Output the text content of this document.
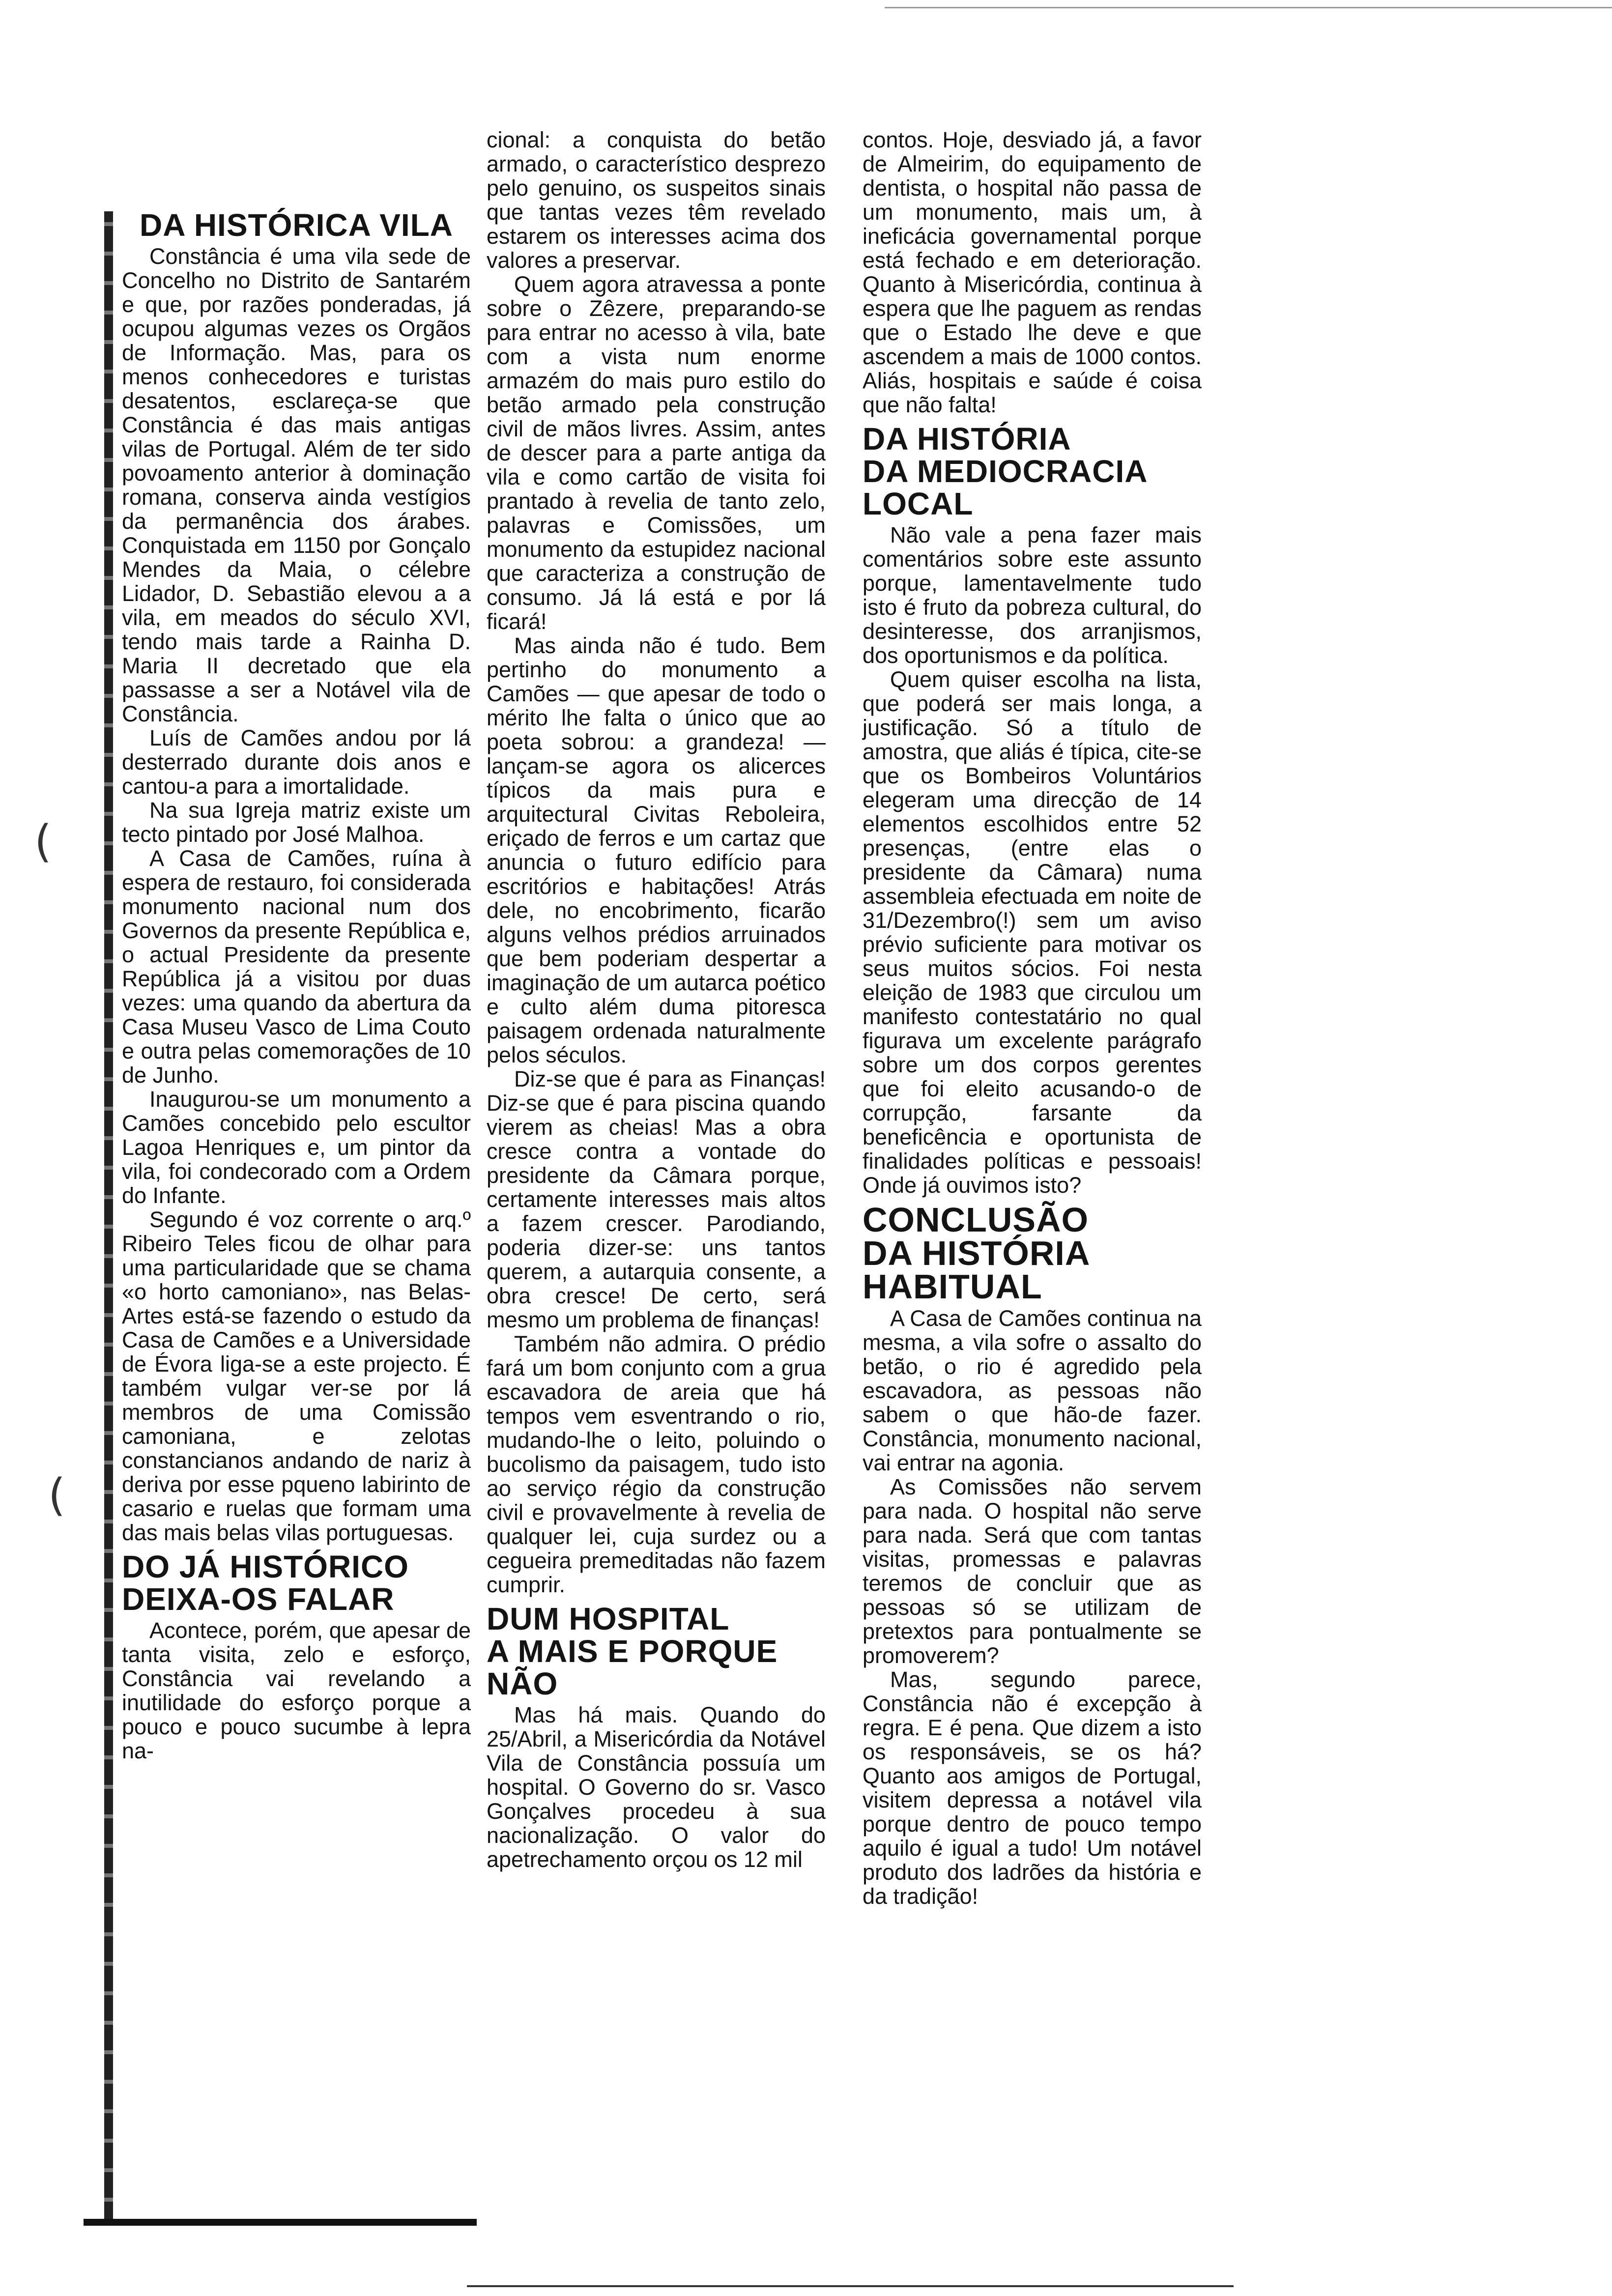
(
(
DA HISTÓRICA VILA

Constância é uma vila sede de Concelho no Distrito de Santarém e que, por razões ponderadas, já ocupou algumas vezes os Orgãos de Informação. Mas, para os menos conhecedores e turistas desatentos, esclareça-se que Constância é das mais antigas vilas de Portugal. Além de ter sido povoamento anterior à dominação romana, conserva ainda vestígios da permanência dos árabes. Conquistada em 1150 por Gonçalo Mendes da Maia, o célebre Lidador, D. Sebastião elevou a a vila, em meados do século XVI, tendo mais tarde a Rainha D. Maria II decretado que ela passasse a ser a Notável vila de Constância.

Luís de Camões andou por lá desterrado durante dois anos e cantou-a para a imortalidade.

Na sua Igreja matriz existe um tecto pintado por José Malhoa.

A Casa de Camões, ruína à espera de restauro, foi considerada monumento nacional num dos Governos da presente República e, o actual Presidente da presente República já a visitou por duas vezes: uma quando da abertura da Casa Museu Vasco de Lima Couto e outra pelas comemorações de 10 de Junho.

Inaugurou-se um monumento a Camões concebido pelo escultor Lagoa Henriques e, um pintor da vila, foi condecorado com a Ordem do Infante.

Segundo é voz corrente o arq.º Ribeiro Teles ficou de olhar para uma particularidade que se chama «o horto camoniano», nas Belas-Artes está-se fazendo o estudo da Casa de Camões e a Universidade de Évora liga-se a este projecto. É também vulgar ver-se por lá membros de uma Comissão camoniana, e zelotas constancianos andando de nariz à deriva por esse pqueno labirinto de casario e ruelas que formam uma das mais belas vilas portuguesas.

DO JÁ HISTÓRICO
DEIXA-OS FALAR

Acontece, porém, que apesar de tanta visita, zelo e esforço, Constância vai revelando a inutilidade do esforço porque a pouco e pouco sucumbe à lepra na-

cional: a conquista do betão armado, o característico desprezo pelo genuino, os suspeitos sinais que tantas vezes têm revelado estarem os interesses acima dos valores a preservar.

Quem agora atravessa a ponte sobre o Zêzere, preparando-se para entrar no acesso à vila, bate com a vista num enorme armazém do mais puro estilo do betão armado pela construção civil de mãos livres. Assim, antes de descer para a parte antiga da vila e como cartão de visita foi prantado à revelia de tanto zelo, palavras e Comissões, um monumento da estupidez nacional que caracteriza a construção de consumo. Já lá está e por lá ficará!

Mas ainda não é tudo. Bem pertinho do monumento a Camões — que apesar de todo o mérito lhe falta o único que ao poeta sobrou: a grandeza! — lançam-se agora os alicerces típicos da mais pura e arquitectural Civitas Reboleira, eriçado de ferros e um cartaz que anuncia o futuro edifício para escritórios e habitações! Atrás dele, no encobrimento, ficarão alguns velhos prédios arruinados que bem poderiam despertar a imaginação de um autarca poético e culto além duma pitoresca paisagem ordenada naturalmente pelos séculos.

Diz-se que é para as Finanças! Diz-se que é para piscina quando vierem as cheias! Mas a obra cresce contra a vontade do presidente da Câmara porque, certamente interesses mais altos a fazem crescer. Parodiando, poderia dizer-se: uns tantos querem, a autarquia consente, a obra cresce! De certo, será mesmo um problema de finanças!

Também não admira. O prédio fará um bom conjunto com a grua escavadora de areia que há tempos vem esventrando o rio, mudando-lhe o leito, poluindo o bucolismo da paisagem, tudo isto ao serviço régio da construção civil e provavelmente à revelia de qualquer lei, cuja surdez ou a cegueira premeditadas não fazem cumprir.

DUM HOSPITAL
A MAIS E PORQUE
NÃO

Mas há mais. Quando do 25/Abril, a Misericórdia da Notável Vila de Constância possuía um hospital. O Governo do sr. Vasco Gonçalves procedeu à sua nacionalização. O valor do apetrechamento orçou os 12 mil

contos. Hoje, desviado já, a favor de Almeirim, do equipamento de dentista, o hospital não passa de um monumento, mais um, à ineficácia governamental porque está fechado e em deterioração. Quanto à Misericórdia, continua à espera que lhe paguem as rendas que o Estado lhe deve e que ascendem a mais de 1000 contos. Aliás, hospitais e saúde é coisa que não falta!

DA HISTÓRIA
DA MEDIOCRACIA
LOCAL

Não vale a pena fazer mais comentários sobre este assunto porque, lamentavelmente tudo isto é fruto da pobreza cultural, do desinteresse, dos arranjismos, dos oportunismos e da política.

Quem quiser escolha na lista, que poderá ser mais longa, a justificação. Só a título de amostra, que aliás é típica, cite-se que os Bombeiros Voluntários elegeram uma direcção de 14 elementos escolhidos entre 52 presenças, (entre elas o presidente da Câmara) numa assembleia efectuada em noite de 31/Dezembro(!) sem um aviso prévio suficiente para motivar os seus muitos sócios. Foi nesta eleição de 1983 que circulou um manifesto contestatário no qual figurava um excelente parágrafo sobre um dos corpos gerentes que foi eleito acusando-o de corrupção, farsante da beneficência e oportunista de finalidades políticas e pessoais! Onde já ouvimos isto?

CONCLUSÃO
DA HISTÓRIA
HABITUAL

A Casa de Camões continua na mesma, a vila sofre o assalto do betão, o rio é agredido pela escavadora, as pessoas não sabem o que hão-de fazer. Constância, monumento nacional, vai entrar na agonia.

As Comissões não servem para nada. O hospital não serve para nada. Será que com tantas visitas, promessas e palavras teremos de concluir que as pessoas só se utilizam de pretextos para pontualmente se promoverem?

Mas, segundo parece, Constância não é excepção à regra. E é pena. Que dizem a isto os responsáveis, se os há? Quanto aos amigos de Portugal, visitem depressa a notável vila porque dentro de pouco tempo aquilo é igual a tudo! Um notável produto dos ladrões da história e da tradição!
